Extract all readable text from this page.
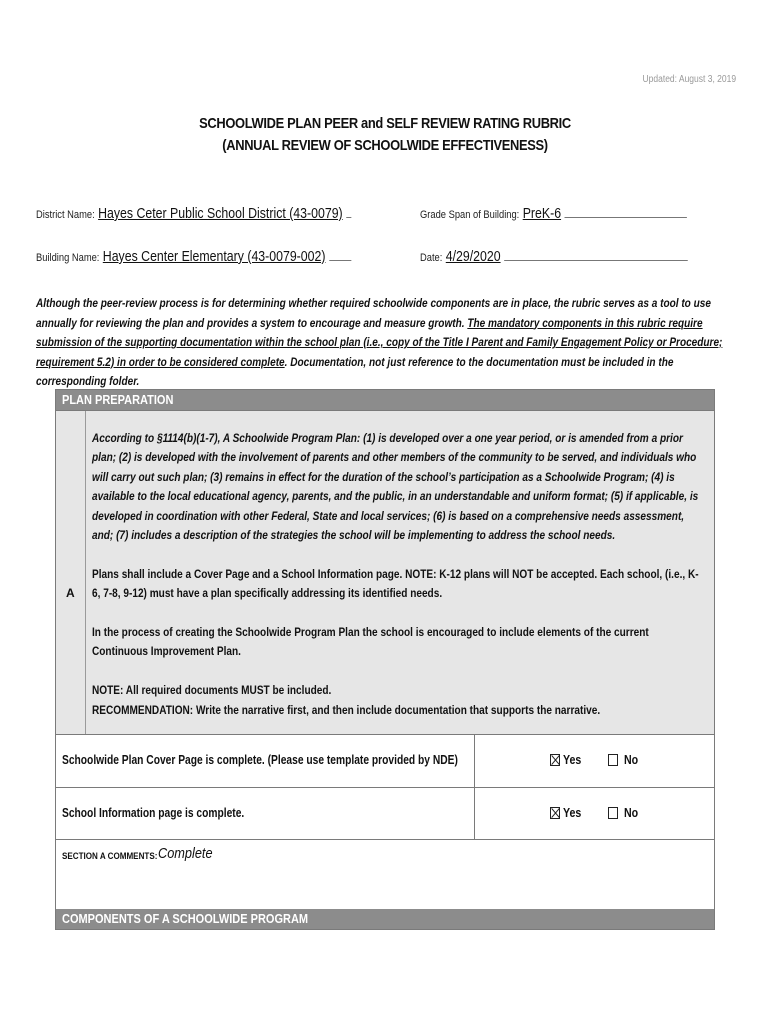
Updated: August 3, 2019
SCHOOLWIDE PLAN PEER and SELF REVIEW RATING RUBRIC
(ANNUAL REVIEW OF SCHOOLWIDE EFFECTIVENESS)
District Name: Hayes Ceter Public School District (43-0079)	Grade Span of Building: PreK-6
Building Name: Hayes Center Elementary (43-0079-002)	Date: 4/29/2020
Although the peer-review process is for determining whether required schoolwide components are in place, the rubric serves as a tool to use annually for reviewing the plan and provides a system to encourage and measure growth. The mandatory components in this rubric require submission of the supporting documentation within the school plan (i.e., copy of the Title I Parent and Family Engagement Policy or Procedure; requirement 5.2) in order to be considered complete. Documentation, not just reference to the documentation must be included in the corresponding folder.
PLAN PREPARATION
A

According to §1114(b)(1-7), A Schoolwide Program Plan: (1) is developed over a one year period, or is amended from a prior plan; (2) is developed with the involvement of parents and other members of the community to be served, and individuals who will carry out such plan; (3) remains in effect for the duration of the school’s participation as a Schoolwide Program; (4) is available to the local educational agency, parents, and the public, in an understandable and uniform format; (5) if applicable, is developed in coordination with other Federal, State and local services; (6) is based on a comprehensive needs assessment, and; (7) includes a description of the strategies the school will be implementing to address the school needs.

Plans shall include a Cover Page and a School Information page. NOTE: K-12 plans will NOT be accepted. Each school, (i.e., K-6, 7-8, 9-12) must have a plan specifically addressing its identified needs.

In the process of creating the Schoolwide Program Plan the school is encouraged to include elements of the current Continuous Improvement Plan.

NOTE: All required documents MUST be included.
RECOMMENDATION: Write the narrative first, and then include documentation that supports the narrative.
Schoolwide Plan Cover Page is complete. (Please use template provided by NDE)	Yes	No
School Information page is complete.	Yes	No
SECTION A COMMENTS: Complete
COMPONENTS OF A SCHOOLWIDE PROGRAM
